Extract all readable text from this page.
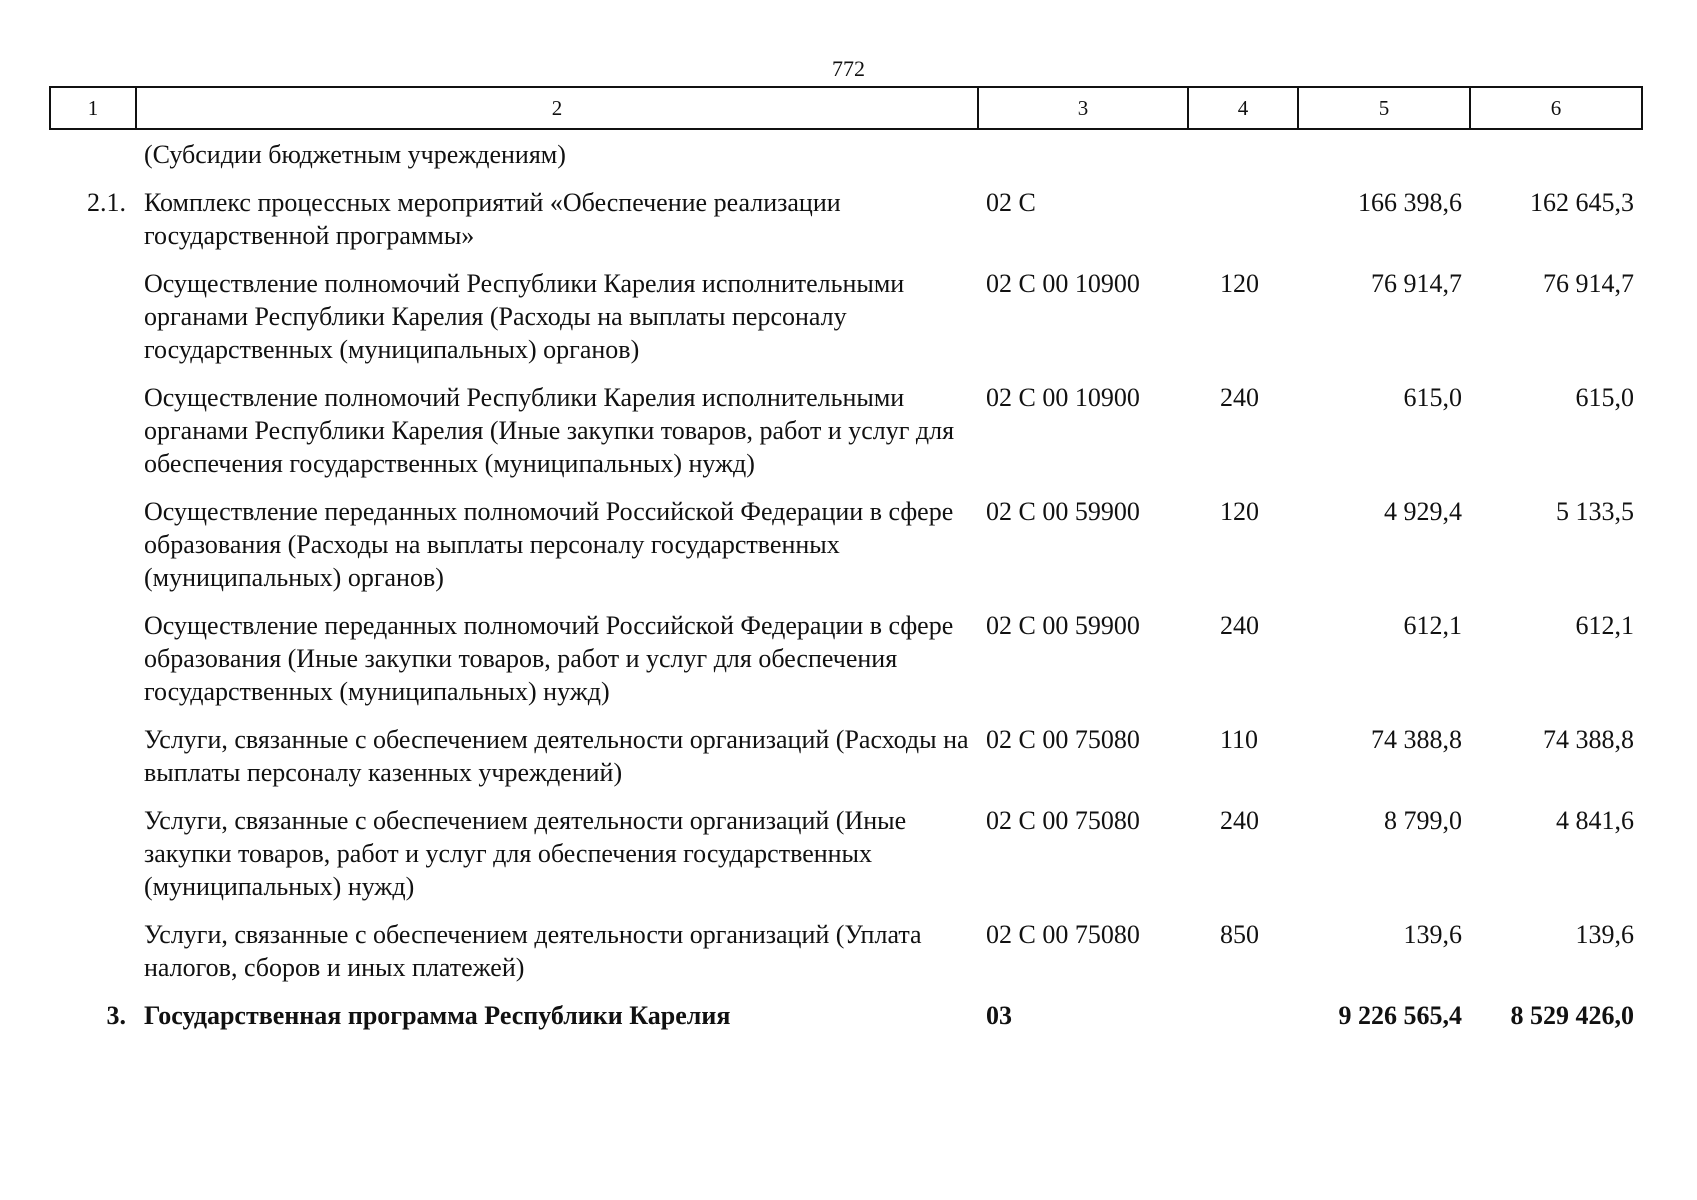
772
1	2	3	4	5	6
	(Субсидии бюджетным учреждениям)				
2.1.	Комплекс процессных мероприятий «Обеспечение реализации государственной программы»	02 С		166 398,6	162 645,3
	Осуществление полномочий Республики Карелия исполнительными органами Республики Карелия (Расходы на выплаты персоналу государственных (муниципальных) органов)	02 С 00 10900	120	76 914,7	76 914,7
	Осуществление полномочий Республики Карелия исполнительными органами Республики Карелия (Иные закупки товаров, работ и услуг для обеспечения государственных (муниципальных) нужд)	02 С 00 10900	240	615,0	615,0
	Осуществление переданных полномочий Российской Федерации в сфере образования (Расходы на выплаты персоналу государственных (муниципальных) органов)	02 С 00 59900	120	4 929,4	5 133,5
	Осуществление переданных полномочий Российской Федерации в сфере образования (Иные закупки товаров, работ и услуг для обеспечения государственных (муниципальных) нужд)	02 С 00 59900	240	612,1	612,1
	Услуги, связанные с обеспечением деятельности организаций (Расходы на выплаты персоналу казенных учреждений)	02 С 00 75080	110	74 388,8	74 388,8
	Услуги, связанные с обеспечением деятельности организаций (Иные закупки товаров, работ и услуг для обеспечения государственных (муниципальных) нужд)	02 С 00 75080	240	8 799,0	4 841,6
	Услуги, связанные с обеспечением деятельности организаций (Уплата налогов, сборов и иных платежей)	02 С 00 75080	850	139,6	139,6
3.	Государственная программа Республики Карелия	03		9 226 565,4	8 529 426,0
